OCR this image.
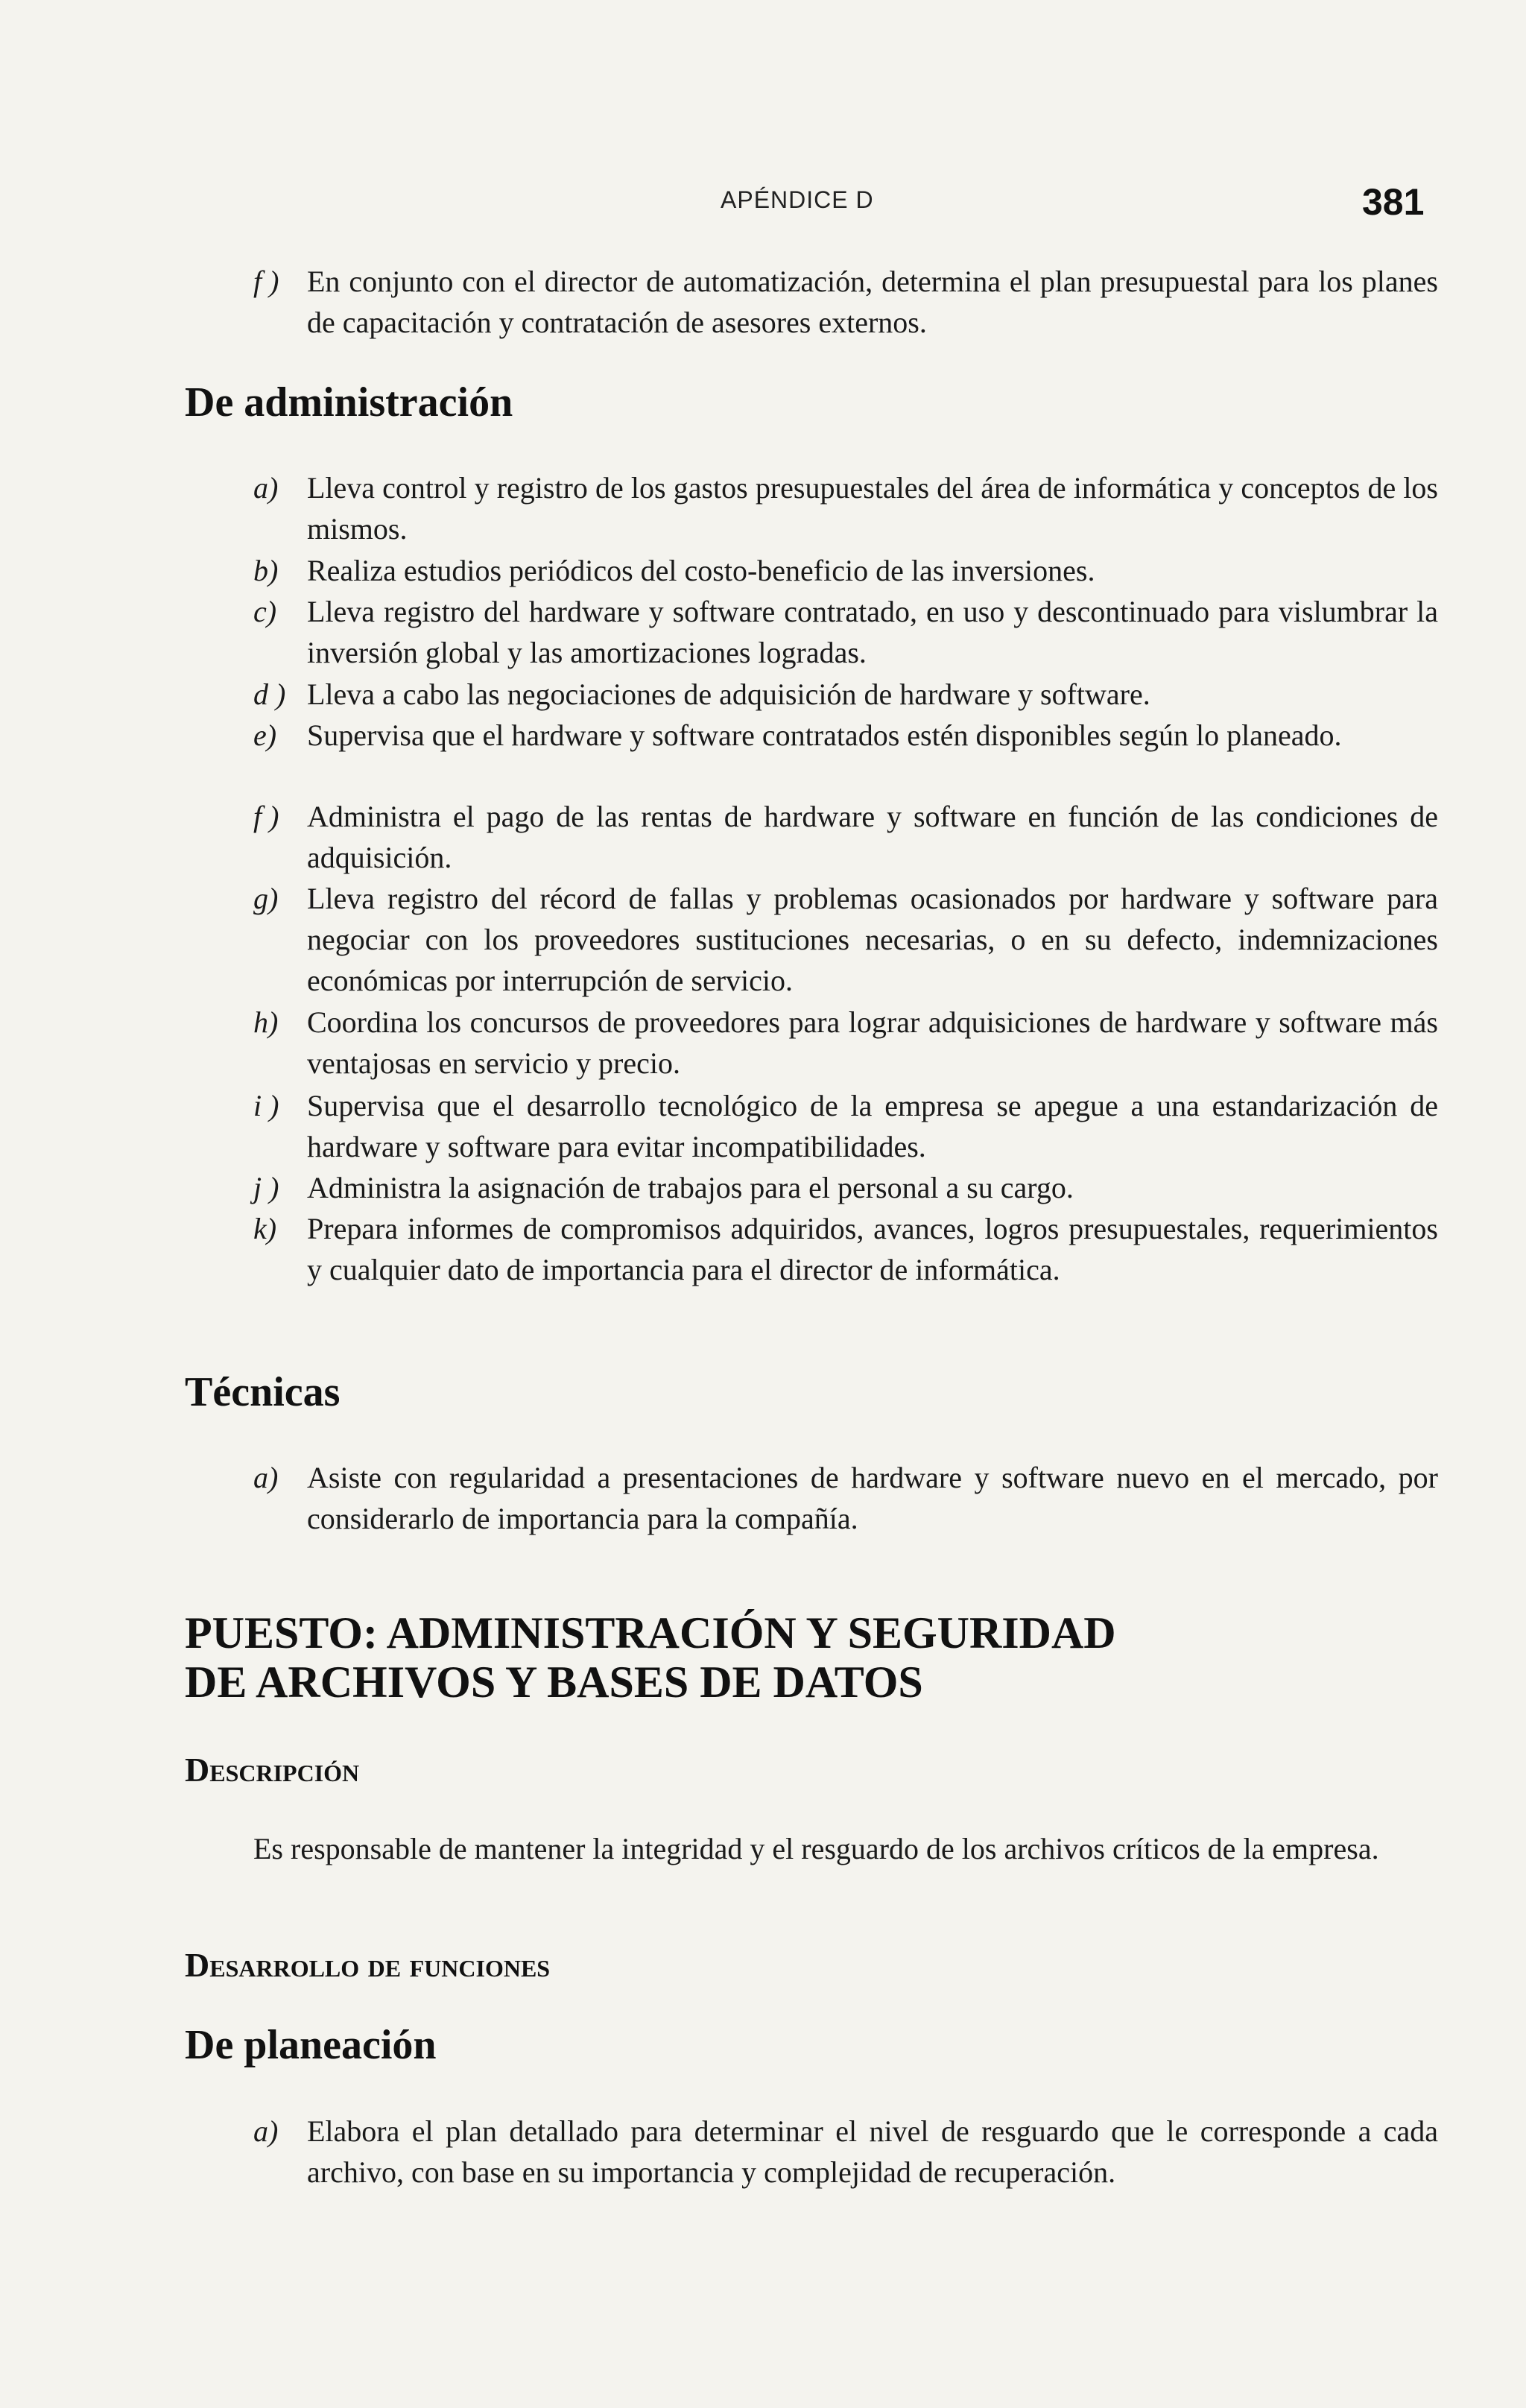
APÉNDICE D	381
f ) En conjunto con el director de automatización, determina el plan presupuestal para los planes de capacitación y contratación de asesores externos.
De administración
a) Lleva control y registro de los gastos presupuestales del área de informática y conceptos de los mismos.
b) Realiza estudios periódicos del costo-beneficio de las inversiones.
c) Lleva registro del hardware y software contratado, en uso y descontinuado para vislumbrar la inversión global y las amortizaciones logradas.
d ) Lleva a cabo las negociaciones de adquisición de hardware y software.
e) Supervisa que el hardware y software contratados estén disponibles según lo planeado.
f ) Administra el pago de las rentas de hardware y software en función de las condiciones de adquisición.
g) Lleva registro del récord de fallas y problemas ocasionados por hardware y software para negociar con los proveedores sustituciones necesarias, o en su defecto, indemnizaciones económicas por interrupción de servicio.
h) Coordina los concursos de proveedores para lograr adquisiciones de hardware y software más ventajosas en servicio y precio.
i ) Supervisa que el desarrollo tecnológico de la empresa se apegue a una estandarización de hardware y software para evitar incompatibilidades.
j ) Administra la asignación de trabajos para el personal a su cargo.
k) Prepara informes de compromisos adquiridos, avances, logros presupuestales, requerimientos y cualquier dato de importancia para el director de informática.
Técnicas
a) Asiste con regularidad a presentaciones de hardware y software nuevo en el mercado, por considerarlo de importancia para la compañía.
PUESTO: ADMINISTRACIÓN Y SEGURIDAD
DE ARCHIVOS Y BASES DE DATOS
Descripción
Es responsable de mantener la integridad y el resguardo de los archivos críticos de la empresa.
Desarrollo de funciones
De planeación
a) Elabora el plan detallado para determinar el nivel de resguardo que le corresponde a cada archivo, con base en su importancia y complejidad de recuperación.
